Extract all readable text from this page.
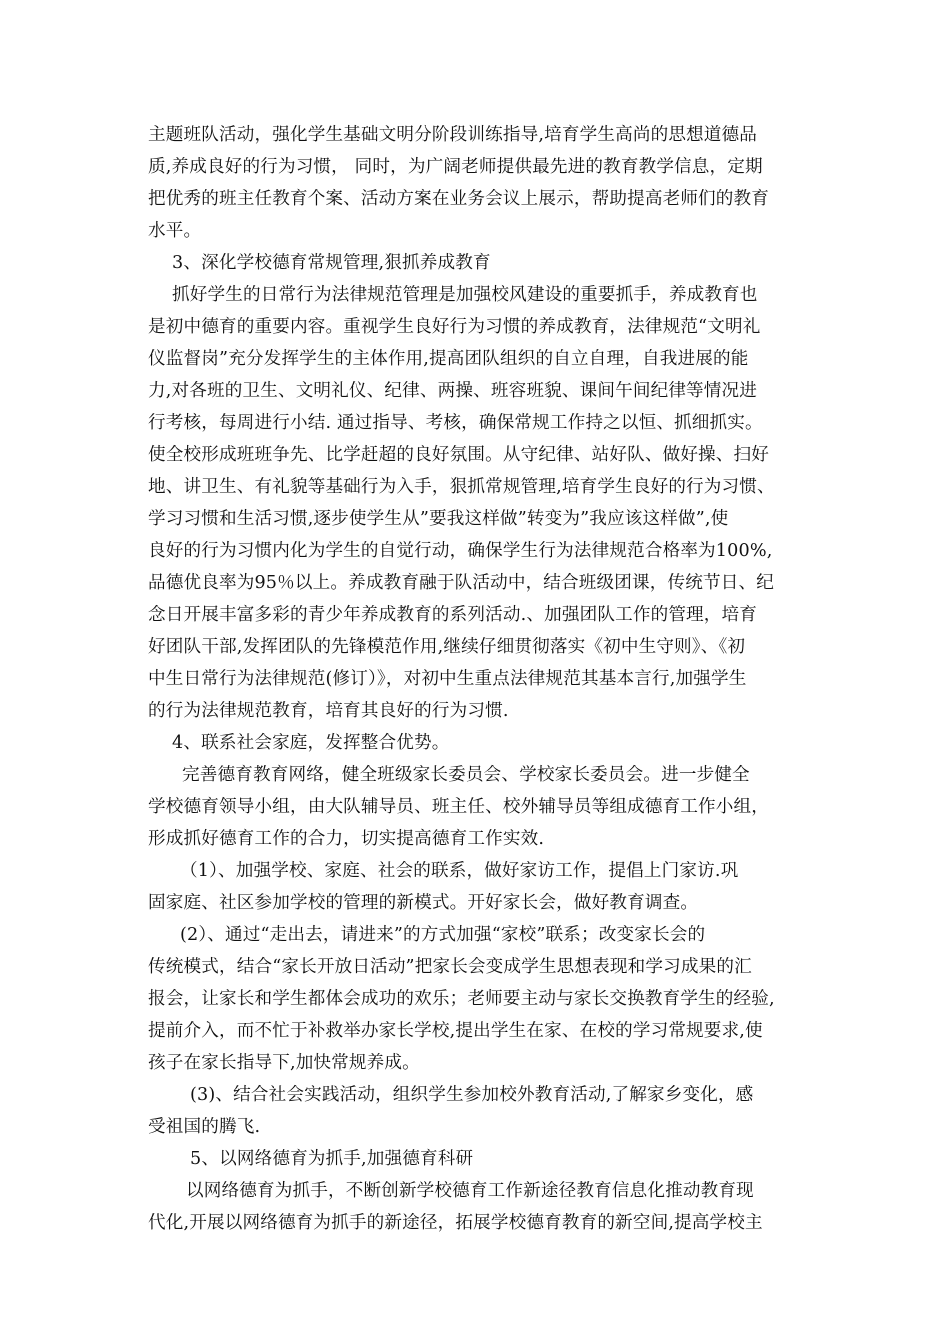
主题班队活动，强化学生基础文明分阶段训练指导,培育学生高尚的思想道德品
质,养成良好的行为习惯， 同时，为广阔老师提供最先进的教育教学信息，定期
把优秀的班主任教育个案、活动方案在业务会议上展示，帮助提高老师们的教育
水平。
3、深化学校德育常规管理,狠抓养成教育
抓好学生的日常行为法律规范管理是加强校风建设的重要抓手，养成教育也
是初中德育的重要内容。重视学生良好行为习惯的养成教育，法律规范“文明礼
仪监督岗”充分发挥学生的主体作用,提高团队组织的自立自理，自我进展的能
力,对各班的卫生、文明礼仪、纪律、两操、班容班貌、课间午间纪律等情况进
行考核，每周进行小结. 通过指导、考核，确保常规工作持之以恒、抓细抓实。
使全校形成班班争先、比学赶超的良好氛围。从守纪律、站好队、做好操、扫好
地、讲卫生、有礼貌等基础行为入手，狠抓常规管理,培育学生良好的行为习惯、
学习习惯和生活习惯,逐步使学生从”要我这样做”转变为”我应该这样做”,使
良好的行为习惯内化为学生的自觉行动，确保学生行为法律规范合格率为100%,
品德优良率为95％以上。养成教育融于队活动中，结合班级团课，传统节日、纪
念日开展丰富多彩的青少年养成教育的系列活动.、加强团队工作的管理，培育
好团队干部,发挥团队的先锋模范作用,继续仔细贯彻落实《初中生守则》、《初
中生日常行为法律规范(修订）》，对初中生重点法律规范其基本言行,加强学生
的行为法律规范教育，培育其良好的行为习惯.
4、联系社会家庭，发挥整合优势。
完善德育教育网络，健全班级家长委员会、学校家长委员会。进一步健全
学校德育领导小组，由大队辅导员、班主任、校外辅导员等组成德育工作小组，
形成抓好德育工作的合力，切实提高德育工作实效.
（1）、加强学校、家庭、社会的联系，做好家访工作，提倡上门家访.巩
固家庭、社区参加学校的管理的新模式。开好家长会，做好教育调查。
(2）、通过“走出去，请进来”的方式加强“家校”联系；改变家长会的
传统模式，结合“家长开放日活动”把家长会变成学生思想表现和学习成果的汇
报会，让家长和学生都体会成功的欢乐；老师要主动与家长交换教育学生的经验,
提前介入，而不忙于补救举办家长学校,提出学生在家、在校的学习常规要求,使
孩子在家长指导下,加快常规养成。
(3)、结合社会实践活动，组织学生参加校外教育活动,了解家乡变化，感
受祖国的腾飞.
5、以网络德育为抓手,加强德育科研
以网络德育为抓手，不断创新学校德育工作新途径教育信息化推动教育现
代化,开展以网络德育为抓手的新途径，拓展学校德育教育的新空间,提高学校主
